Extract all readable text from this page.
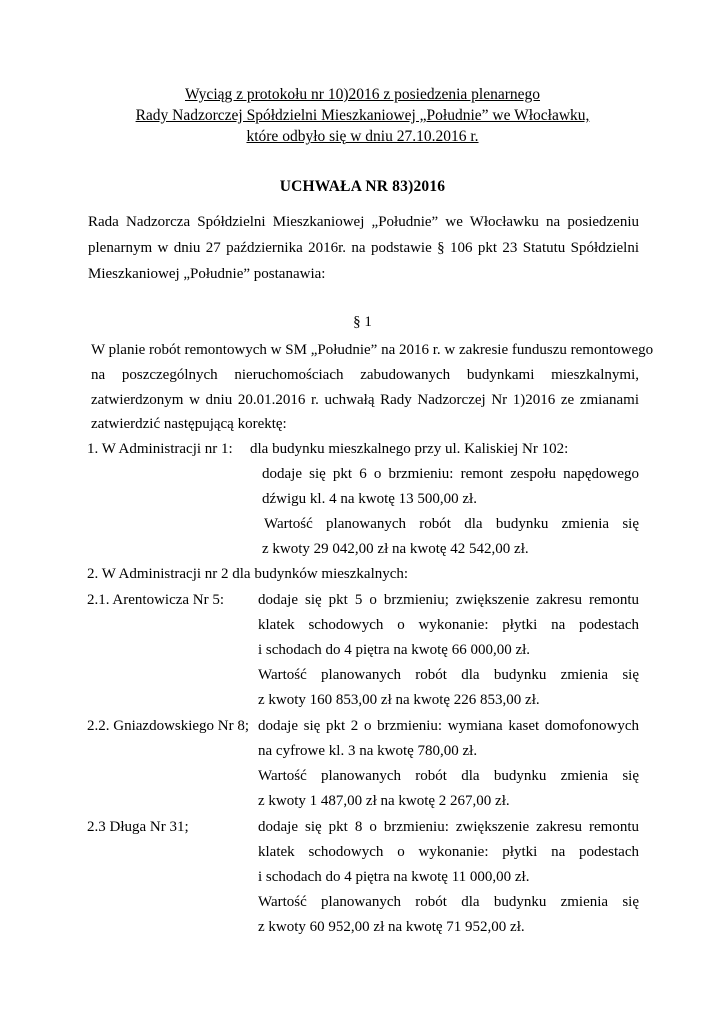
Wyciąg z protokołu nr 10)2016 z posiedzenia plenarnego
Rady Nadzorczej Spółdzielni Mieszkaniowej „Południe” we Włocławku,
które odbyło się w dniu 27.10.2016 r.
UCHWAŁA NR 83)2016
Rada Nadzorcza Spółdzielni Mieszkaniowej „Południe” we Włocławku na posiedzeniu
plenarnym w dniu 27 października 2016r. na podstawie § 106 pkt 23 Statutu Spółdzielni
Mieszkaniowej „Południe” postanawia:
§ 1
W planie robót remontowych w SM „Południe” na 2016 r. w zakresie funduszu remontowego
na poszczególnych nieruchomościach zabudowanych budynkami mieszkalnymi,
zatwierdzonym w dniu 20.01.2016 r. uchwałą Rady Nadzorczej Nr 1)2016 ze zmianami
zatwierdzić następującą korektę:
1. W Administracji nr 1: dla budynku mieszkalnego przy ul. Kaliskiej Nr 102:
dodaje się pkt 6 o brzmieniu: remont zespołu napędowego
dźwigu kl. 4 na kwotę 13 500,00 zł.
Wartość planowanych robót dla budynku zmienia się
z kwoty 29 042,00 zł na kwotę 42 542,00 zł.
2. W Administracji nr 2 dla budynków mieszkalnych:
2.1. Arentowicza Nr 5: dodaje się pkt 5 o brzmieniu; zwiększenie zakresu remontu
klatek schodowych o wykonanie: płytki na podestach
i schodach do 4 piętra na kwotę 66 000,00 zł.
Wartość planowanych robót dla budynku zmienia się
z kwoty 160 853,00 zł na kwotę 226 853,00 zł.
2.2. Gniazdowskiego Nr 8; dodaje się pkt 2 o brzmieniu: wymiana kaset domofonowych
na cyfrowe kl. 3 na kwotę 780,00 zł.
Wartość planowanych robót dla budynku zmienia się
z kwoty 1 487,00 zł na kwotę 2 267,00 zł.
2.3 Długa Nr 31;	dodaje się pkt 8 o brzmieniu: zwiększenie zakresu remontu
klatek schodowych o wykonanie: płytki na podestach
i schodach do 4 piętra na kwotę 11 000,00 zł.
Wartość planowanych robót dla budynku zmienia się
z kwoty 60 952,00 zł na kwotę 71 952,00 zł.
